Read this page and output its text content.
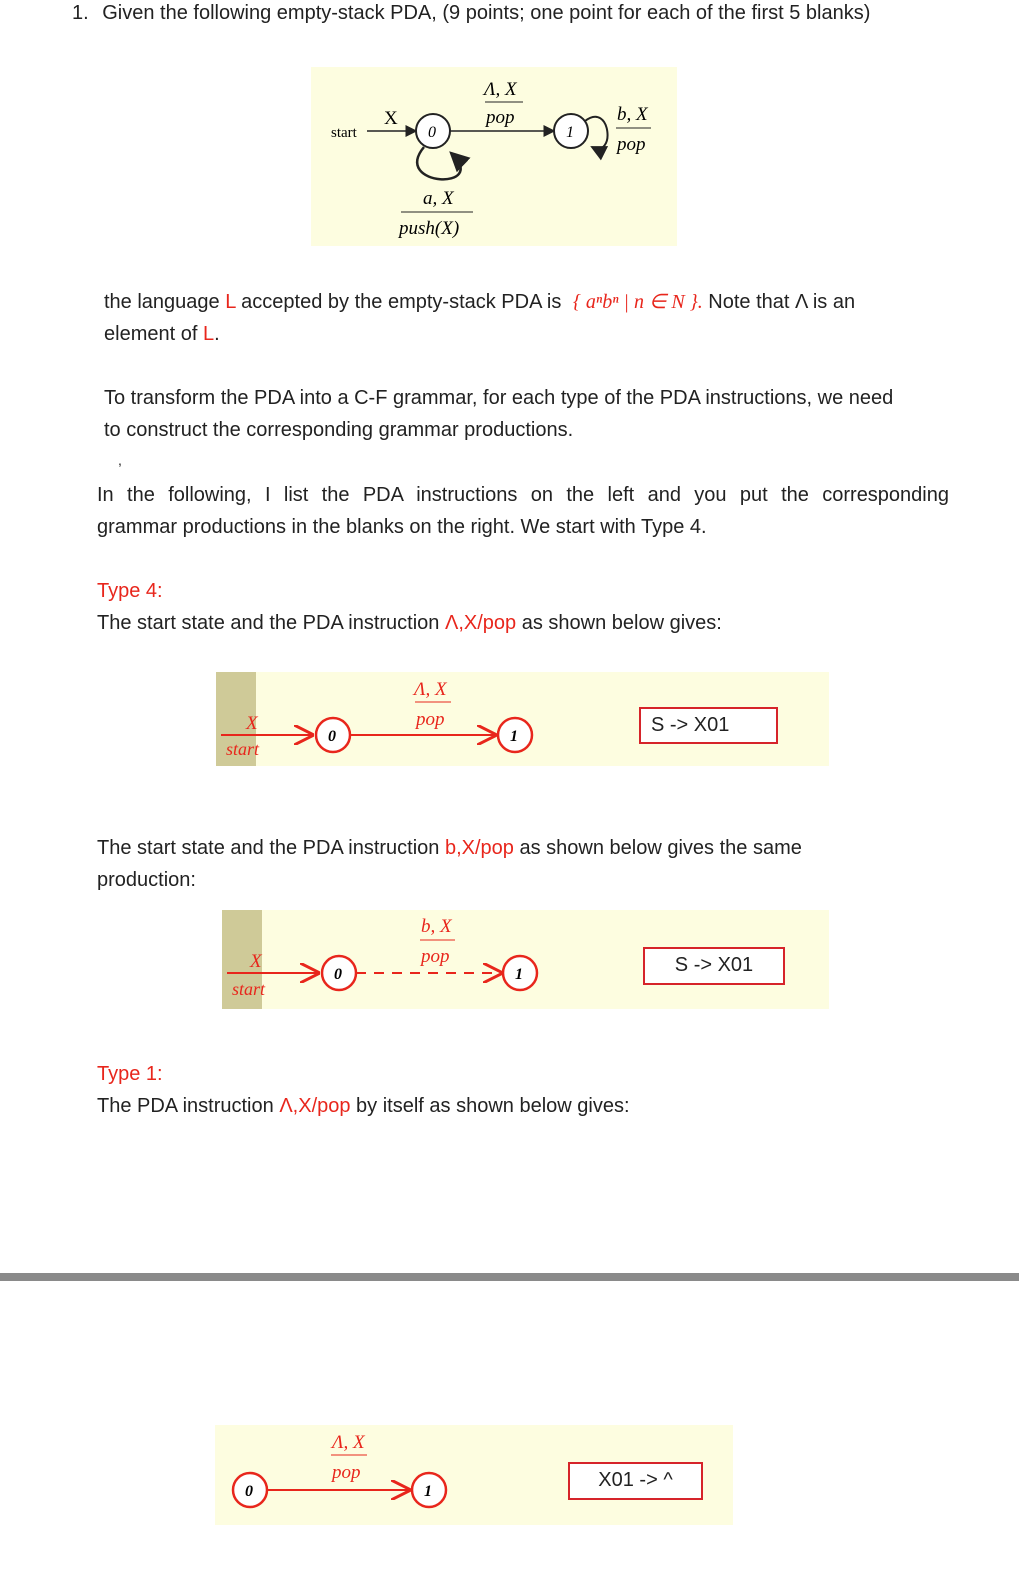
1. Given the following empty-stack PDA, (9 points; one point for each of the first 5 blanks)
start
X
0
Λ, X
pop
1
b, X
pop
a, X
push(X)
the language L accepted by the empty-stack PDA is { aⁿbⁿ | n ∈ N }. Note that Λ is an
element of L.
To transform the PDA into a C-F grammar, for each type of the PDA instructions, we need
to construct the corresponding grammar productions.
,
In the following, I list the PDA instructions on the left and you put the corresponding
grammar productions in the blanks on the right. We start with Type 4.
Type 4:
The start state and the PDA instruction Λ,X/pop as shown below gives:
X
start
0
Λ, X
pop
1
S -> X01
The start state and the PDA instruction b,X/pop as shown below gives the same
production:
X
start
0
b, X
pop
1	S -> X01
Type 1:
The PDA instruction Λ,X/pop by itself as shown below gives:
0
Λ, X
pop
1
X01 -> ^
